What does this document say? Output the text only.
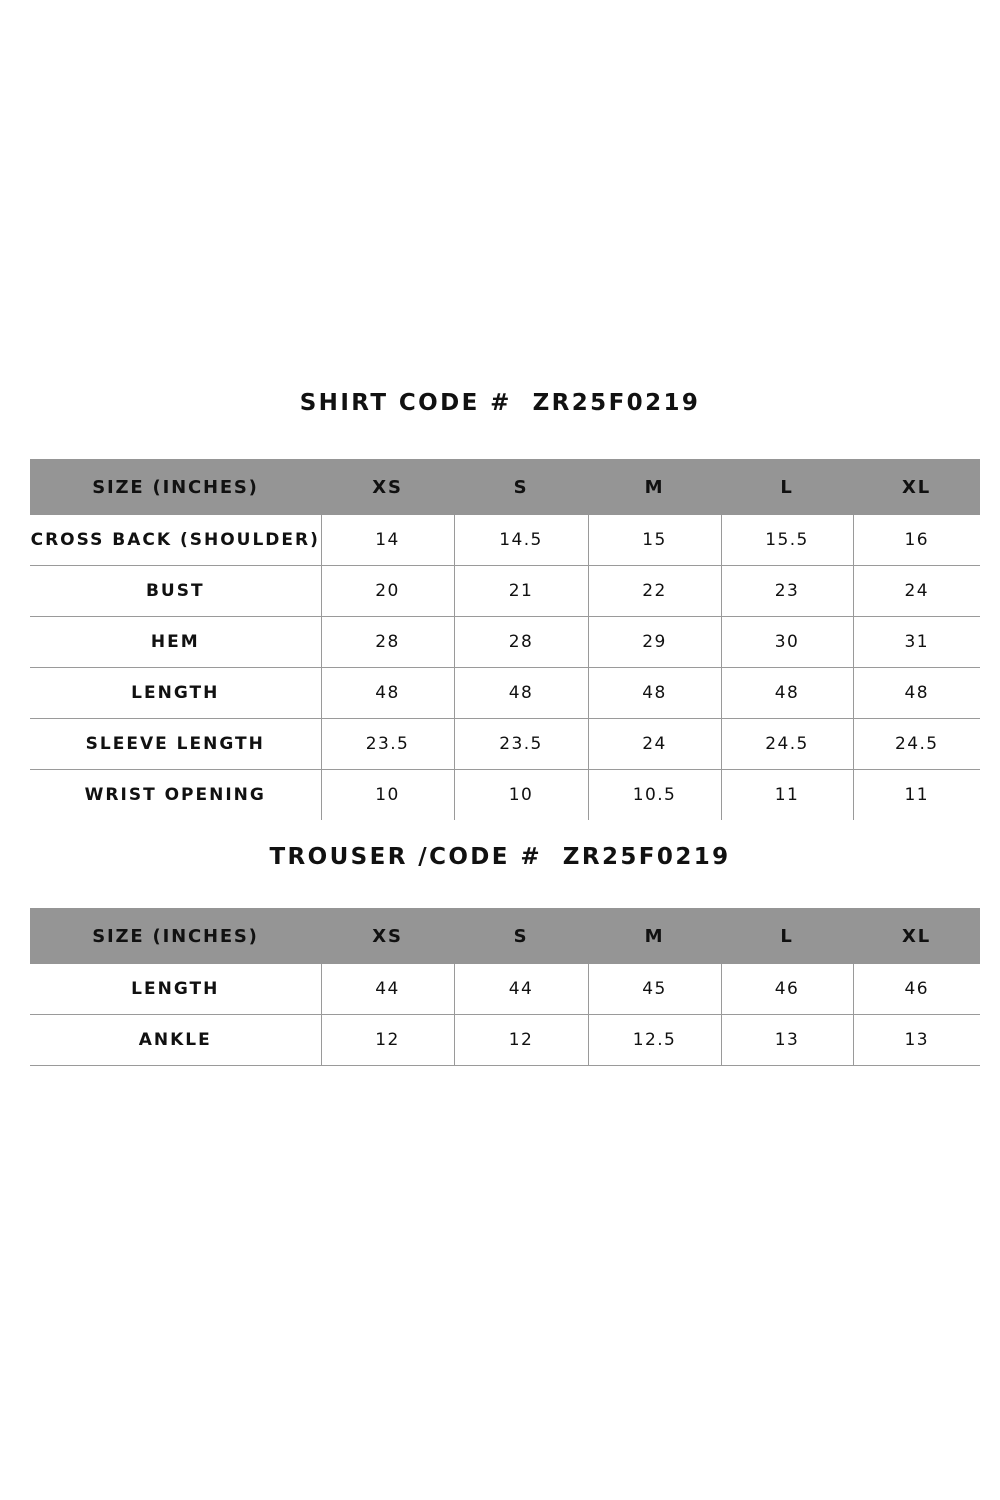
SHIRT CODE #  ZR25F0219
SIZE (INCHES)	XS	S	M	L	XL
CROSS BACK (SHOULDER)	14	14.5	15	15.5	16
BUST	20	21	22	23	24
HEM	28	28	29	30	31
LENGTH	48	48	48	48	48
SLEEVE LENGTH	23.5	23.5	24	24.5	24.5
WRIST OPENING	10	10	10.5	11	11
TROUSER /CODE #  ZR25F0219
SIZE (INCHES)	XS	S	M	L	XL
LENGTH	44	44	45	46	46
ANKLE	12	12	12.5	13	13
